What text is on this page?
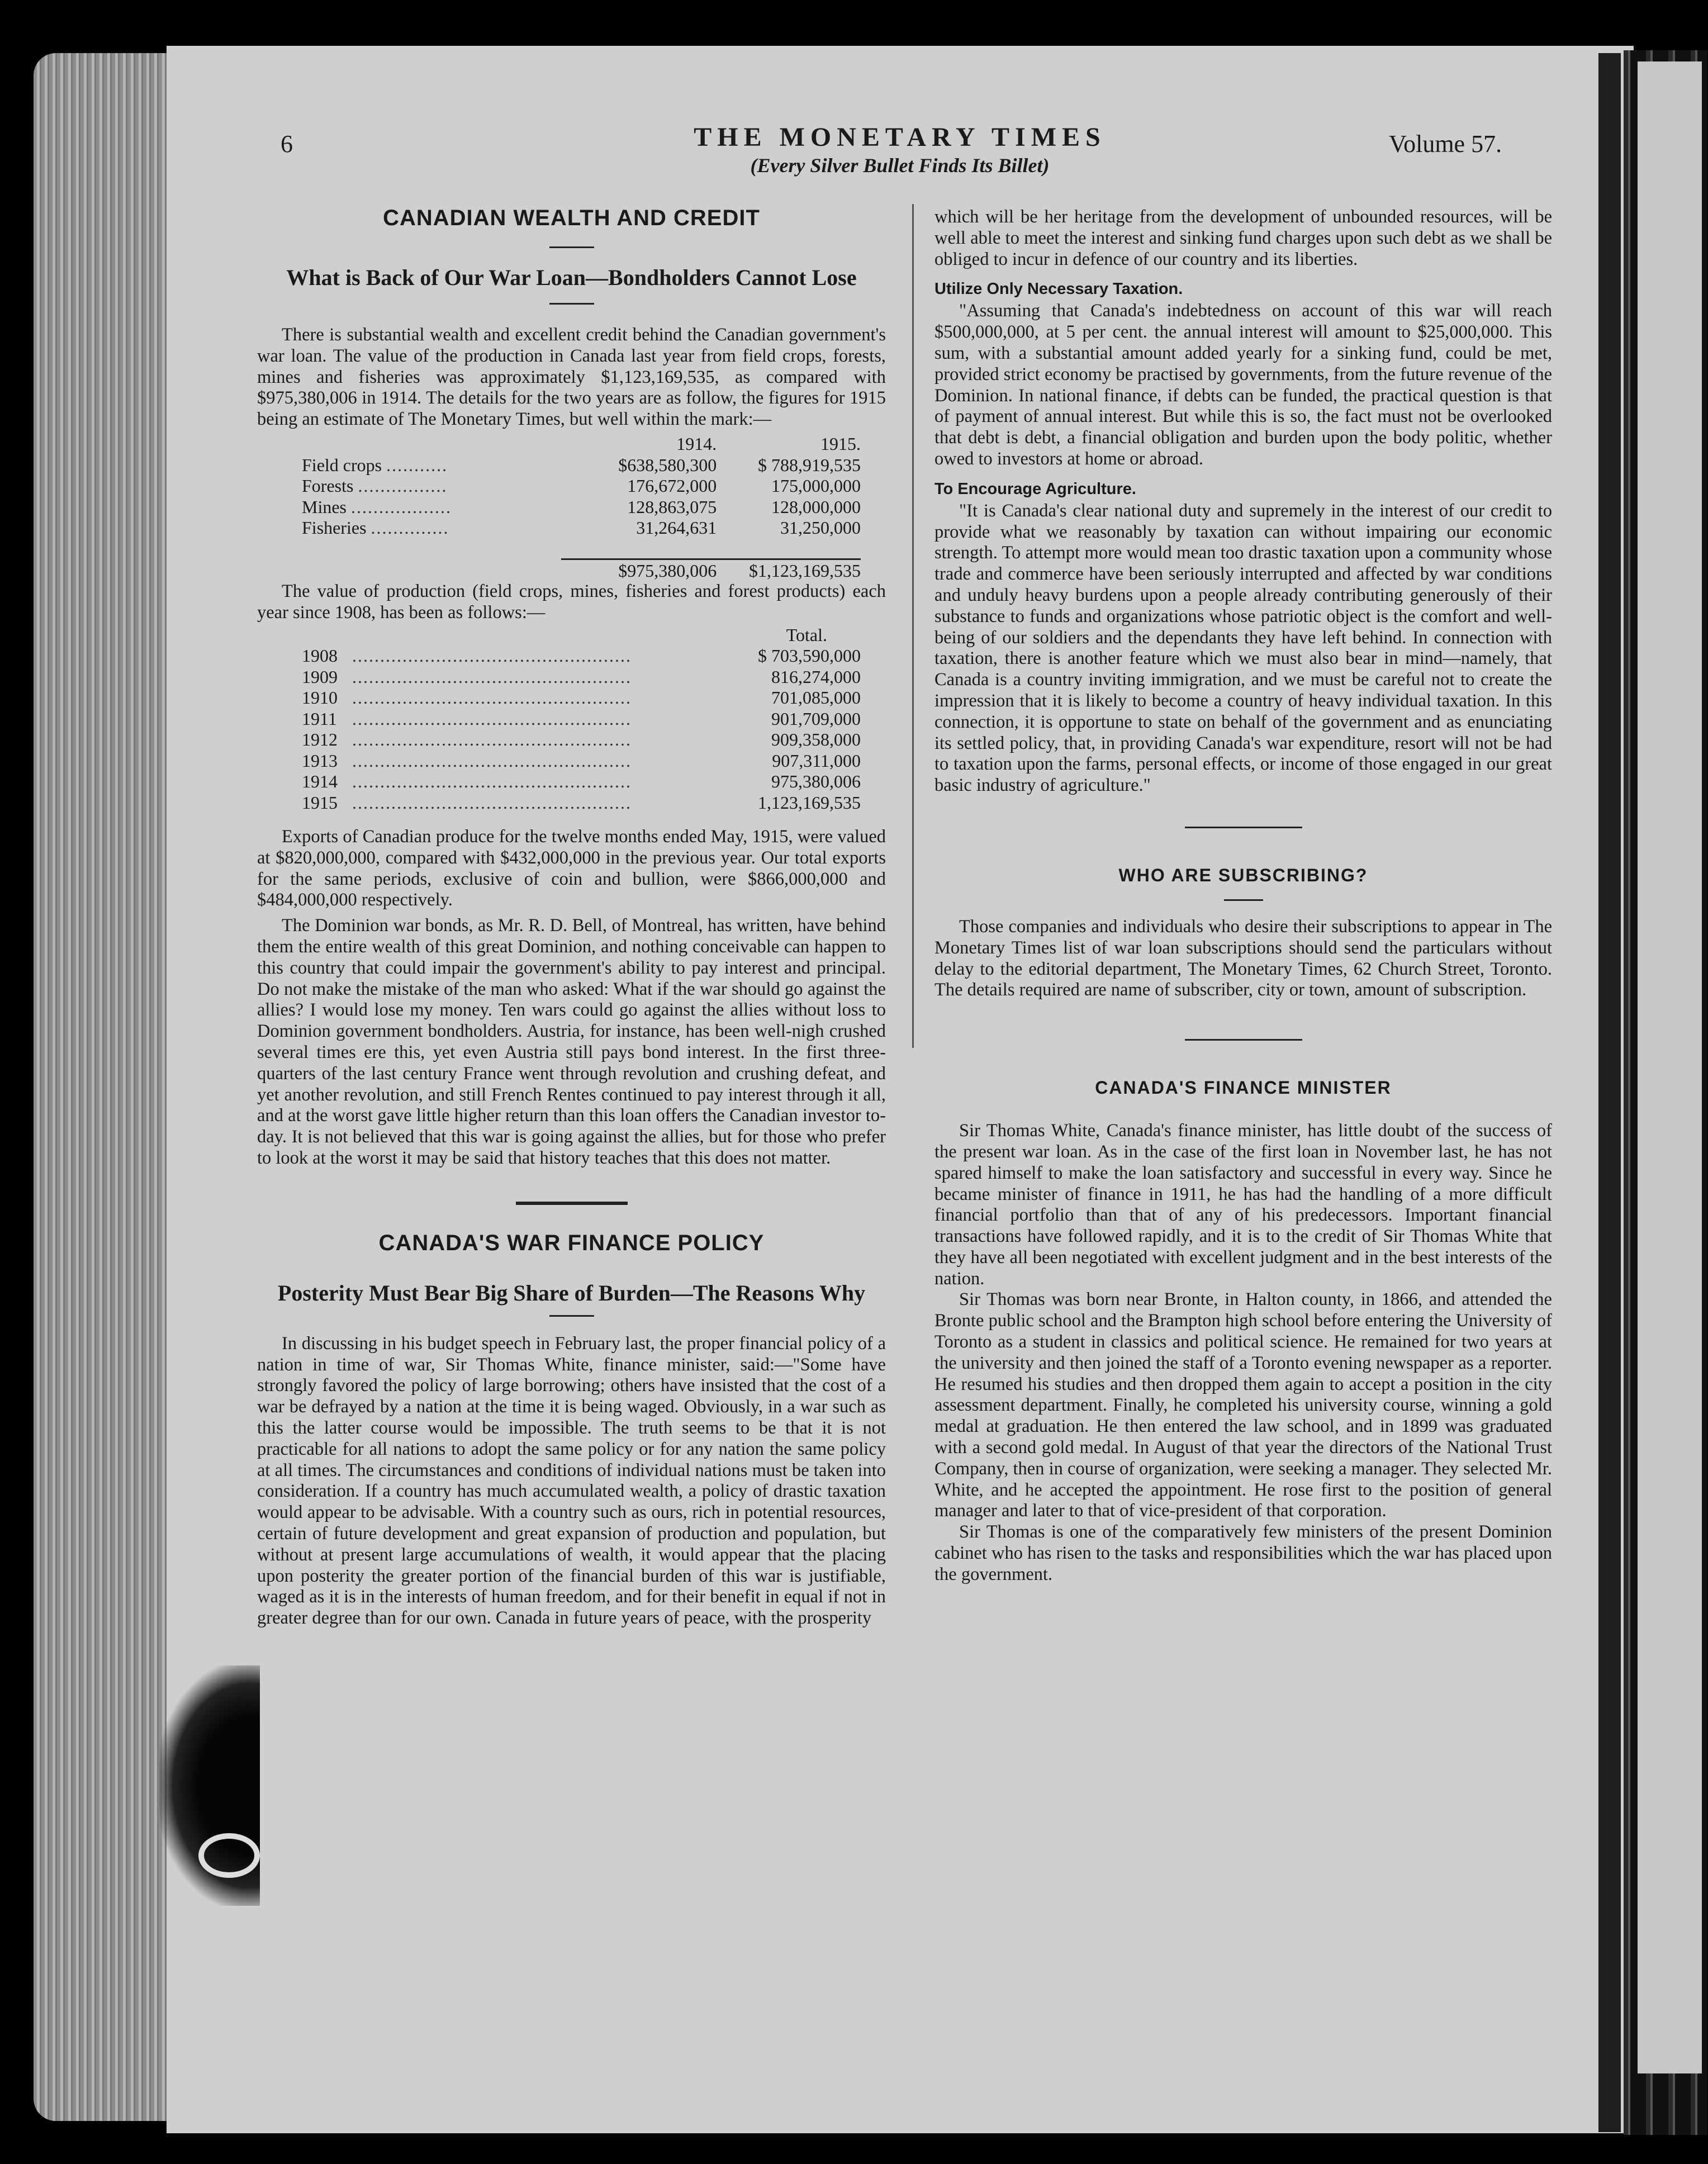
6	THE MONETARY TIMES
(Every Silver Bullet Finds Its Billet)
Volume 57.
CANADIAN WEALTH AND CREDIT
What is Back of Our War Loan—Bondholders Cannot Lose
There is substantial wealth and excellent credit behind the Canadian government's war loan. The value of the production in Canada last year from field crops, forests, mines and fisheries was approximately $1,123,169,535, as compared with $975,380,006 in 1914. The details for the two years are as follow, the figures for 1915 being an estimate of The Monetary Times, but well within the mark:—
	1914.	1915.
Field crops ...........	$638,580,300	$ 788,919,535
Forests ................	176,672,000	175,000,000
Mines ..................	128,863,075	128,000,000
Fisheries ..............	31,264,631	31,250,000

	$975,380,006	$1,123,169,535
The value of production (field crops, mines, fisheries and forest products) each year since 1908, has been as follows:—
		Total.
1908	..................................................	$ 703,590,000
1909	..................................................	816,274,000
1910	..................................................	701,085,000
1911	..................................................	901,709,000
1912	..................................................	909,358,000
1913	..................................................	907,311,000
1914	..................................................	975,380,006
1915	..................................................	1,123,169,535
Exports of Canadian produce for the twelve months ended May, 1915, were valued at $820,000,000, compared with $432,000,000 in the previous year. Our total exports for the same periods, exclusive of coin and bullion, were $866,000,000 and $484,000,000 respectively.
The Dominion war bonds, as Mr. R. D. Bell, of Montreal, has written, have behind them the entire wealth of this great Dominion, and nothing conceivable can happen to this country that could impair the government's ability to pay interest and principal. Do not make the mistake of the man who asked: What if the war should go against the allies? I would lose my money. Ten wars could go against the allies without loss to Dominion government bondholders. Austria, for instance, has been well-nigh crushed several times ere this, yet even Austria still pays bond interest. In the first three-quarters of the last century France went through revolution and crushing defeat, and yet another revolution, and still French Rentes continued to pay interest through it all, and at the worst gave little higher return than this loan offers the Canadian investor to-day. It is not believed that this war is going against the allies, but for those who prefer to look at the worst it may be said that history teaches that this does not matter.
CANADA'S WAR FINANCE POLICY
Posterity Must Bear Big Share of Burden—The Reasons Why
In discussing in his budget speech in February last, the proper financial policy of a nation in time of war, Sir Thomas White, finance minister, said:—"Some have strongly favored the policy of large borrowing; others have insisted that the cost of a war be defrayed by a nation at the time it is being waged. Obviously, in a war such as this the latter course would be impossible. The truth seems to be that it is not practicable for all nations to adopt the same policy or for any nation the same policy at all times. The circumstances and conditions of individual nations must be taken into consideration. If a country has much accumulated wealth, a policy of drastic taxation would appear to be advisable. With a country such as ours, rich in potential resources, certain of future development and great expansion of production and population, but without at present large accumulations of wealth, it would appear that the placing upon posterity the greater portion of the financial burden of this war is justifiable, waged as it is in the interests of human freedom, and for their benefit in equal if not in greater degree than for our own. Canada in future years of peace, with the prosperity
which will be her heritage from the development of unbounded resources, will be well able to meet the interest and sinking fund charges upon such debt as we shall be obliged to incur in defence of our country and its liberties.
Utilize Only Necessary Taxation.
"Assuming that Canada's indebtedness on account of this war will reach $500,000,000, at 5 per cent. the annual interest will amount to $25,000,000. This sum, with a substantial amount added yearly for a sinking fund, could be met, provided strict economy be practised by governments, from the future revenue of the Dominion. In national finance, if debts can be funded, the practical question is that of payment of annual interest. But while this is so, the fact must not be overlooked that debt is debt, a financial obligation and burden upon the body politic, whether owed to investors at home or abroad.
To Encourage Agriculture.
"It is Canada's clear national duty and supremely in the interest of our credit to provide what we reasonably by taxation can without impairing our economic strength. To attempt more would mean too drastic taxation upon a community whose trade and commerce have been seriously interrupted and affected by war conditions and unduly heavy burdens upon a people already contributing generously of their substance to funds and organizations whose patriotic object is the comfort and well-being of our soldiers and the dependants they have left behind. In connection with taxation, there is another feature which we must also bear in mind—namely, that Canada is a country inviting immigration, and we must be careful not to create the impression that it is likely to become a country of heavy individual taxation. In this connection, it is opportune to state on behalf of the government and as enunciating its settled policy, that, in providing Canada's war expenditure, resort will not be had to taxation upon the farms, personal effects, or income of those engaged in our great basic industry of agriculture."
WHO ARE SUBSCRIBING?
Those companies and individuals who desire their subscriptions to appear in The Monetary Times list of war loan subscriptions should send the particulars without delay to the editorial department, The Monetary Times, 62 Church Street, Toronto. The details required are name of subscriber, city or town, amount of subscription.
CANADA'S FINANCE MINISTER
Sir Thomas White, Canada's finance minister, has little doubt of the success of the present war loan. As in the case of the first loan in November last, he has not spared himself to make the loan satisfactory and successful in every way. Since he became minister of finance in 1911, he has had the handling of a more difficult financial portfolio than that of any of his predecessors. Important financial transactions have followed rapidly, and it is to the credit of Sir Thomas White that they have all been negotiated with excellent judgment and in the best interests of the nation.
Sir Thomas was born near Bronte, in Halton county, in 1866, and attended the Bronte public school and the Brampton high school before entering the University of Toronto as a student in classics and political science. He remained for two years at the university and then joined the staff of a Toronto evening newspaper as a reporter. He resumed his studies and then dropped them again to accept a position in the city assessment department. Finally, he completed his university course, winning a gold medal at graduation. He then entered the law school, and in 1899 was graduated with a second gold medal. In August of that year the directors of the National Trust Company, then in course of organization, were seeking a manager. They selected Mr. White, and he accepted the appointment. He rose first to the position of general manager and later to that of vice-president of that corporation.
Sir Thomas is one of the comparatively few ministers of the present Dominion cabinet who has risen to the tasks and responsibilities which the war has placed upon the government.
